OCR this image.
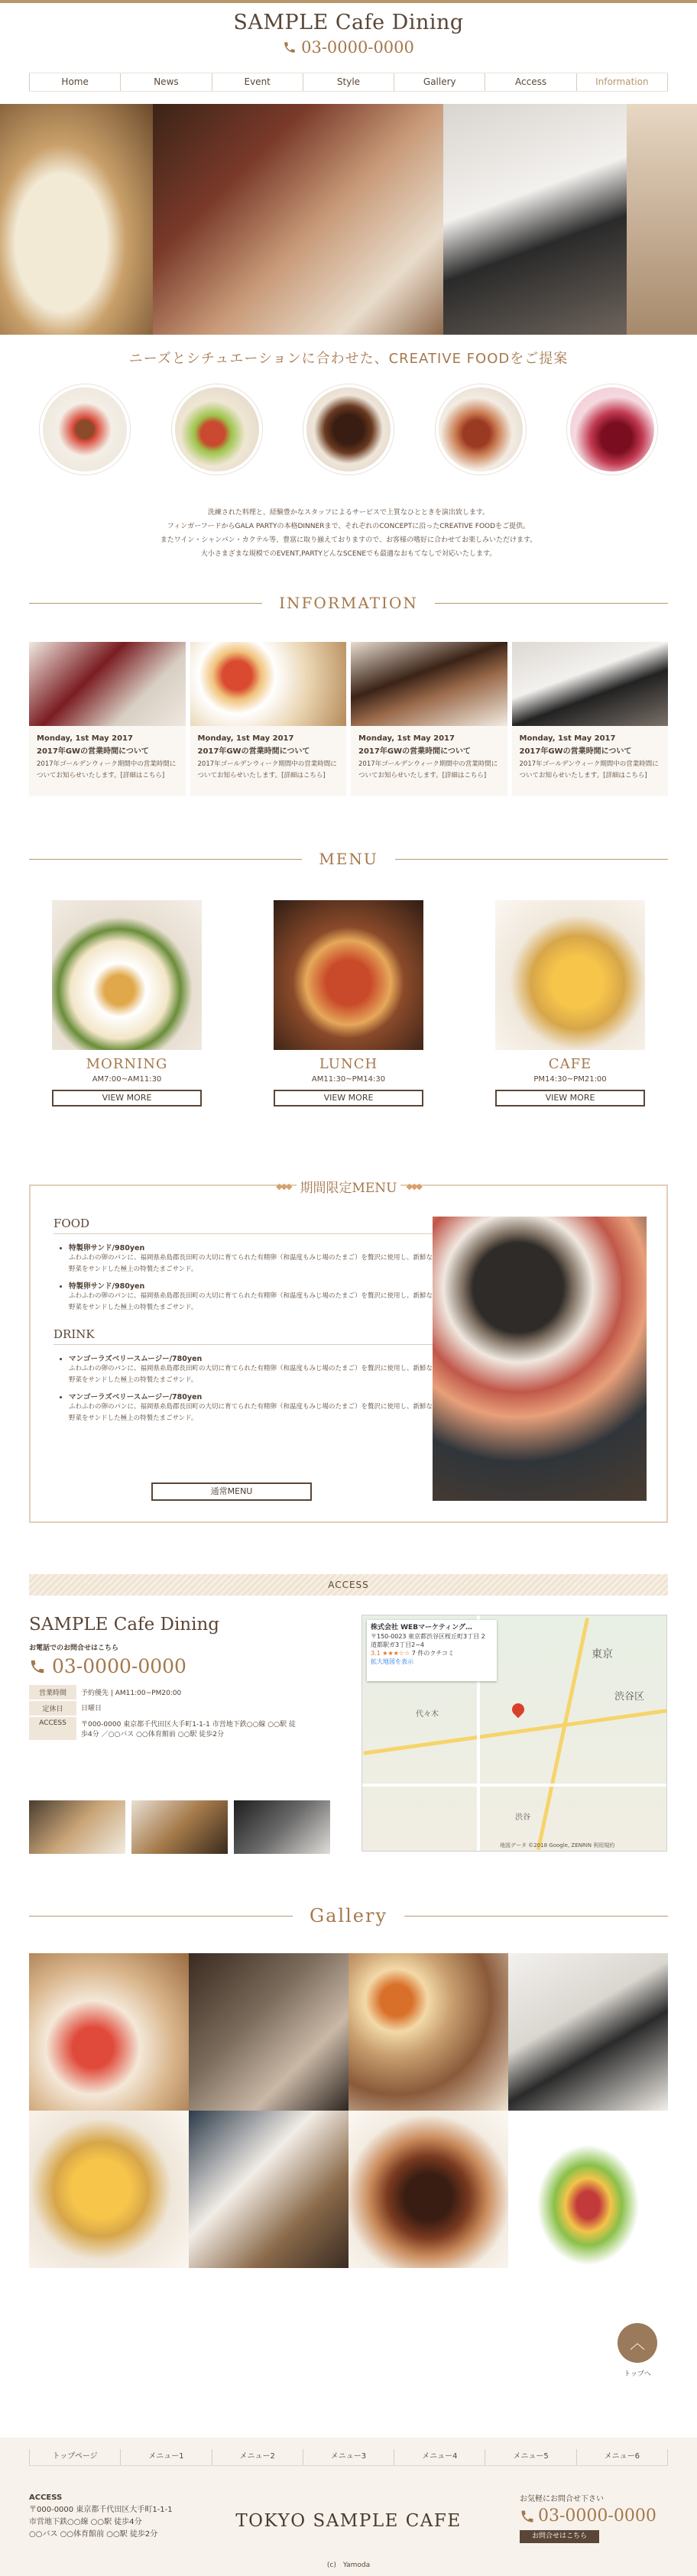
SAMPLE Cafe Dining
03-0000-0000
Home	News	Event	Style	Gallery	Access	Information
ニーズとシチュエーションに合わせた、CREATIVE FOODをご提案
洗練された料理と、経験豊かなスタッフによるサービスで上質なひとときを演出致します。
フィンガーフードからGALA PARTYの本格DINNERまで、それぞれのCONCEPTに沿ったCREATIVE FOODをご提供。
またワイン・シャンパン・カクテル等、豊富に取り揃えておりますので、お客様の嗜好に合わせてお楽しみいただけます。
大小さまざまな規模でのEVENT,PARTYどんなSCENEでも最適なおもてなしで対応いたします。
INFORMATION
Monday, 1st May 2017
2017年GWの営業時間について
2017年ゴールデンウィーク期間中の営業時間についてお知らせいたします。[詳細はこちら]
Monday, 1st May 2017
2017年GWの営業時間について
2017年ゴールデンウィーク期間中の営業時間についてお知らせいたします。[詳細はこちら]
Monday, 1st May 2017
2017年GWの営業時間について
2017年ゴールデンウィーク期間中の営業時間についてお知らせいたします。[詳細はこちら]
Monday, 1st May 2017
2017年GWの営業時間について
2017年ゴールデンウィーク期間中の営業時間についてお知らせいたします。[詳細はこちら]
MENU
MORNING
AM7:00~AM11:30
VIEW MORE
LUNCH
AM11:30~PM14:30
VIEW MORE
CAFE
PM14:30~PM21:00
VIEW MORE
◆◆◆ 期間限定MENU	◆◆◆
FOOD
• 特製卵サンド/980yen
ふわふわの卵のパンに、福岡県糸島郡長田町の大切に育てられた有精卵（和温度もみじ場のたまご）を贅沢に使用し、新鮮な野菜をサンドした極上の特製たまごサンド。
• 特製卵サンド/980yen
ふわふわの卵のパンに、福岡県糸島郡長田町の大切に育てられた有精卵（和温度もみじ場のたまご）を贅沢に使用し、新鮮な野菜をサンドした極上の特製たまごサンド。
DRINK
• マンゴーラズベリースムージー/780yen
ふわふわの卵のパンに、福岡県糸島郡長田町の大切に育てられた有精卵（和温度もみじ場のたまご）を贅沢に使用し、新鮮な野菜をサンドした極上の特製たまごサンド。
• マンゴーラズベリースムージー/780yen
ふわふわの卵のパンに、福岡県糸島郡長田町の大切に育てられた有精卵（和温度もみじ場のたまご）を贅沢に使用し、新鮮な野菜をサンドした極上の特製たまごサンド。
通常MENU
ACCESS
SAMPLE Cafe Dining
お電話でのお問合せはこちら
03-0000-0000
営業時間	予約優先 | AM11:00~PM20:00
定休日	日曜日
ACCESS	〒000-0000 東京都千代田区大手町1-1-1 市営地下鉄○○線 ○○駅 徒歩4分 ／○○バス ○○体育館前 ○○駅 徒歩2分
株式会社 WEBマーケティング…
〒150-0023 東京都渋谷区桜丘町3丁目 2 道都駅ガ3丁目2−4
3.1 ★★★☆☆ 7 件のクチコミ
拡大地図を表示
東京
渋谷区
代々木
渋谷
地図データ ©2018 Google, ZENRIN 利用規約
Gallery
︿
トップへ
トップページ	メニュー1	メニュー2	メニュー3	メニュー4	メニュー5	メニュー6
ACCESS
〒000-0000 東京都千代田区大手町1-1-1
市営地下鉄○○線 ○○駅 徒歩4分
○○バス ○○体育館前 ○○駅 徒歩2分
TOKYO SAMPLE CAFE
お気軽にお問合せ下さい
03-0000-0000
お問合せはこちら
(c)　Yamoda
